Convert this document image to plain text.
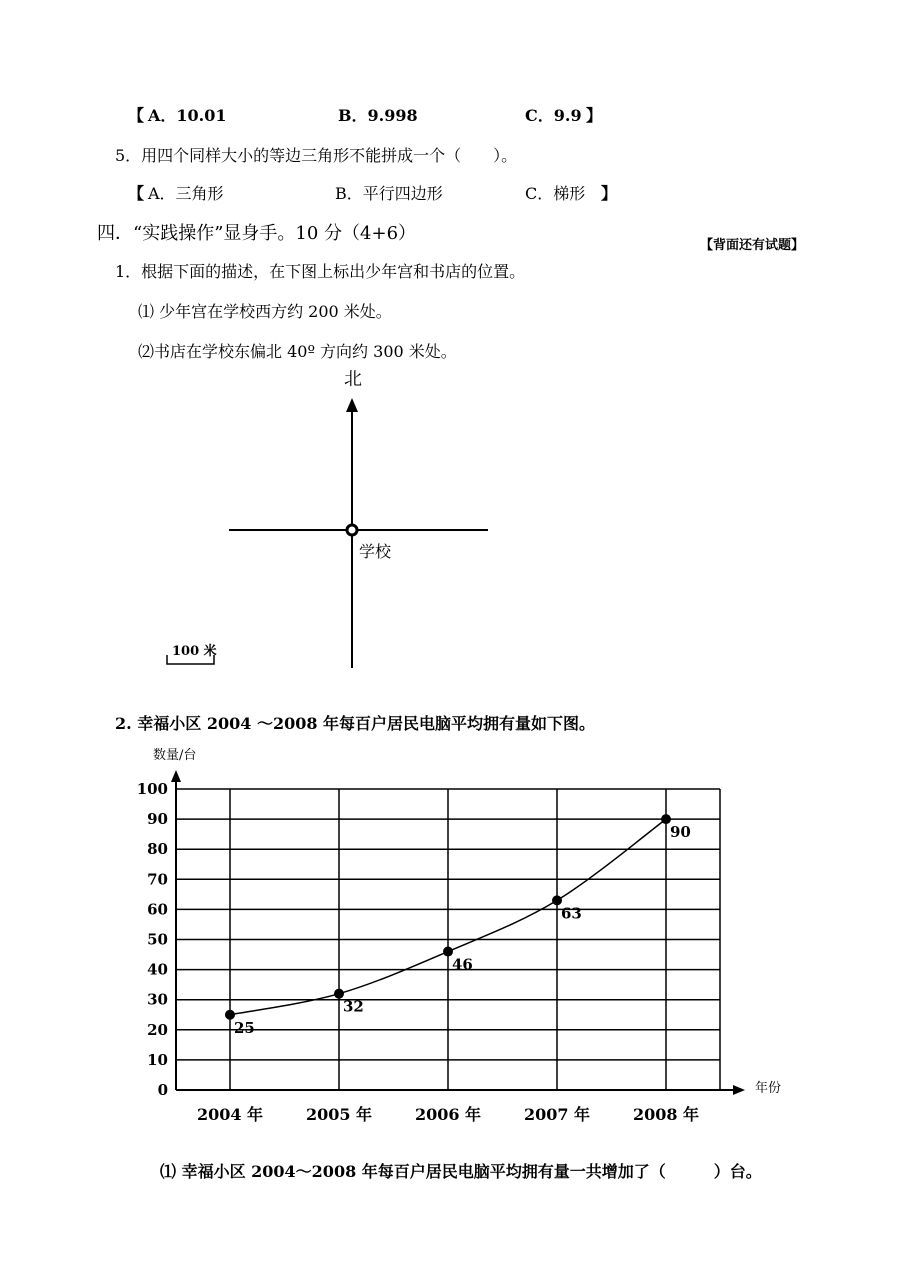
【 A．10.01	B．9.998	C．9.9 】
5．用四个同样大小的等边三角形不能拼成一个（　　）。
【 A．三角形	B．平行四边形	C．梯形 】
四．“实践操作”显身手。10 分（4+6）
【背面还有试题】
1．根据下面的描述，在下图上标出少年宫和书店的位置。
⑴ 少年宫在学校西方约 200 米处。
⑵书店在学校东偏北 40º 方向约 300 米处。
北
学校
100 米
2. 幸福小区 2004 ～2008 年每百户居民电脑平均拥有量如下图。
0
10
20
30
40
50
60
70
80
90
100
2004 年	2005 年	2006 年	2007 年	2008 年
25
32
46
63
90
数量/台
年份
⑴ 幸福小区 2004～2008 年每百户居民电脑平均拥有量一共增加了（　　　）台。
